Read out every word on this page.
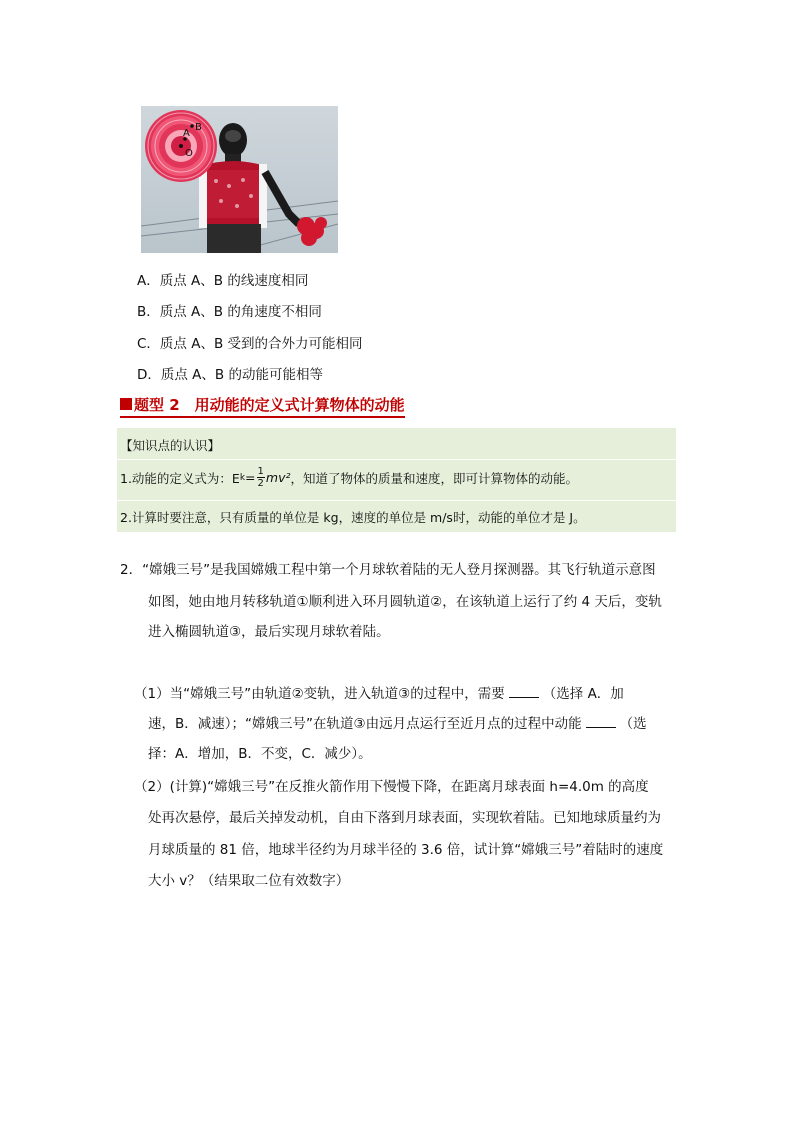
B
A
O
A．质点 A、B 的线速度相同
B．质点 A、B 的角速度不相同
C．质点 A、B 受到的合外力可能相同
D．质点 A、B 的动能可能相等
题型 2　用动能的定义式计算物体的动能
【知识点的认识】
1.动能的定义式为：E $k = \frac{1}{2} mv^2$ ，知道了物体的质量和速度，即可计算物体的动能。
2.计算时要注意，只有质量的单位是 kg，速度的单位是 m/s时，动能的单位才是 J。
2．“嫦娥三号”是我国嫦娥工程中第一个月球软着陆的无人登月探测器。其飞行轨道示意图
如图，她由地月转移轨道①顺利进入环月圆轨道②，在该轨道上运行了约 4 天后，变轨
进入椭圆轨道③，最后实现月球软着陆。
（1）当“嫦娥三号”由轨道②变轨，进入轨道③的过程中，需要	（选择 A．加
速，B．减速）；“嫦娥三号”在轨道③由远月点运行至近月点的过程中动能	（选
择：A．增加，B．不变，C．减少）。
（2）(计算)“嫦娥三号”在反推火箭作用下慢慢下降，在距离月球表面 h=4.0m 的高度
处再次悬停，最后关掉发动机，自由下落到月球表面，实现软着陆。已知地球质量约为
月球质量的 81 倍，地球半径约为月球半径的 3.6 倍，试计算“嫦娥三号”着陆时的速度
大小 v？（结果取二位有效数字）
